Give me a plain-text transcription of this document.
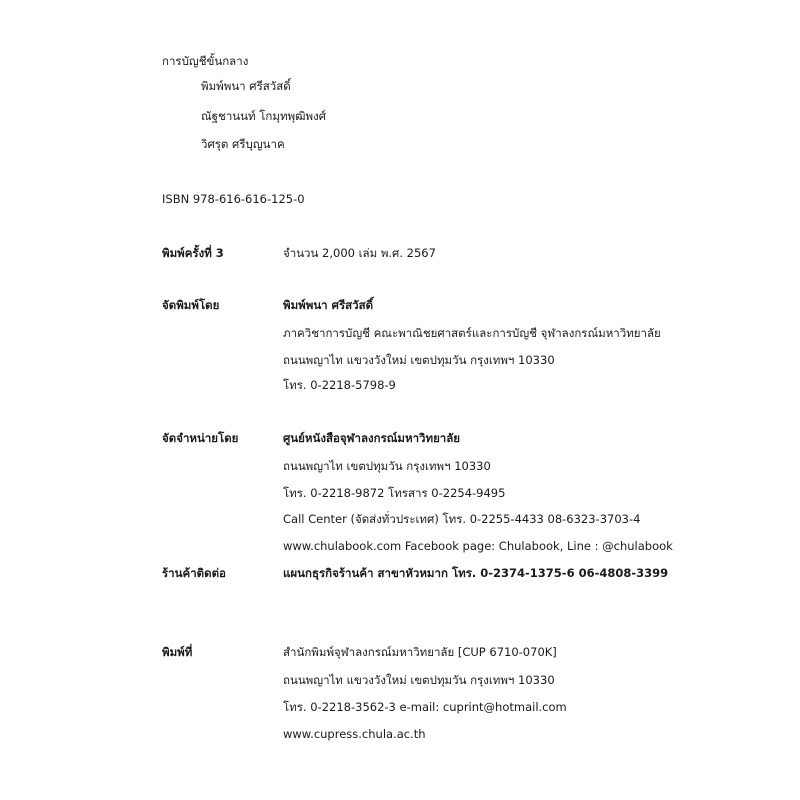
การบัญชีขั้นกลาง
พิมพ์พนา ศรีสวัสดิ์
ณัฐชานนท์ โกมุทพุฒิพงศ์
วิศรุต ศรีบุญนาค
ISBN 978-616-616-125-0
พิมพ์ครั้งที่ 3	จำนวน 2,000 เล่ม พ.ศ. 2567
จัดพิมพ์โดย	พิมพ์พนา ศรีสวัสดิ์
ภาควิชาการบัญชี คณะพาณิชยศาสตร์และการบัญชี จุฬาลงกรณ์มหาวิทยาลัย
ถนนพญาไท แขวงวังใหม่ เขตปทุมวัน กรุงเทพฯ 10330
โทร. 0-2218-5798-9
จัดจำหน่ายโดย	ศูนย์หนังสือจุฬาลงกรณ์มหาวิทยาลัย
ถนนพญาไท เขตปทุมวัน กรุงเทพฯ 10330
โทร. 0-2218-9872 โทรสาร 0-2254-9495
Call Center (จัดส่งทั่วประเทศ) โทร. 0-2255-4433 08-6323-3703-4
www.chulabook.com Facebook page: Chulabook, Line : @chulabook
ร้านค้าติดต่อ	แผนกธุรกิจร้านค้า สาขาหัวหมาก โทร. 0-2374-1375-6 06-4808-3399
พิมพ์ที่	สำนักพิมพ์จุฬาลงกรณ์มหาวิทยาลัย [CUP 6710-070K]
ถนนพญาไท แขวงวังใหม่ เขตปทุมวัน กรุงเทพฯ 10330
โทร. 0-2218-3562-3 e-mail: cuprint@hotmail.com
www.cupress.chula.ac.th
